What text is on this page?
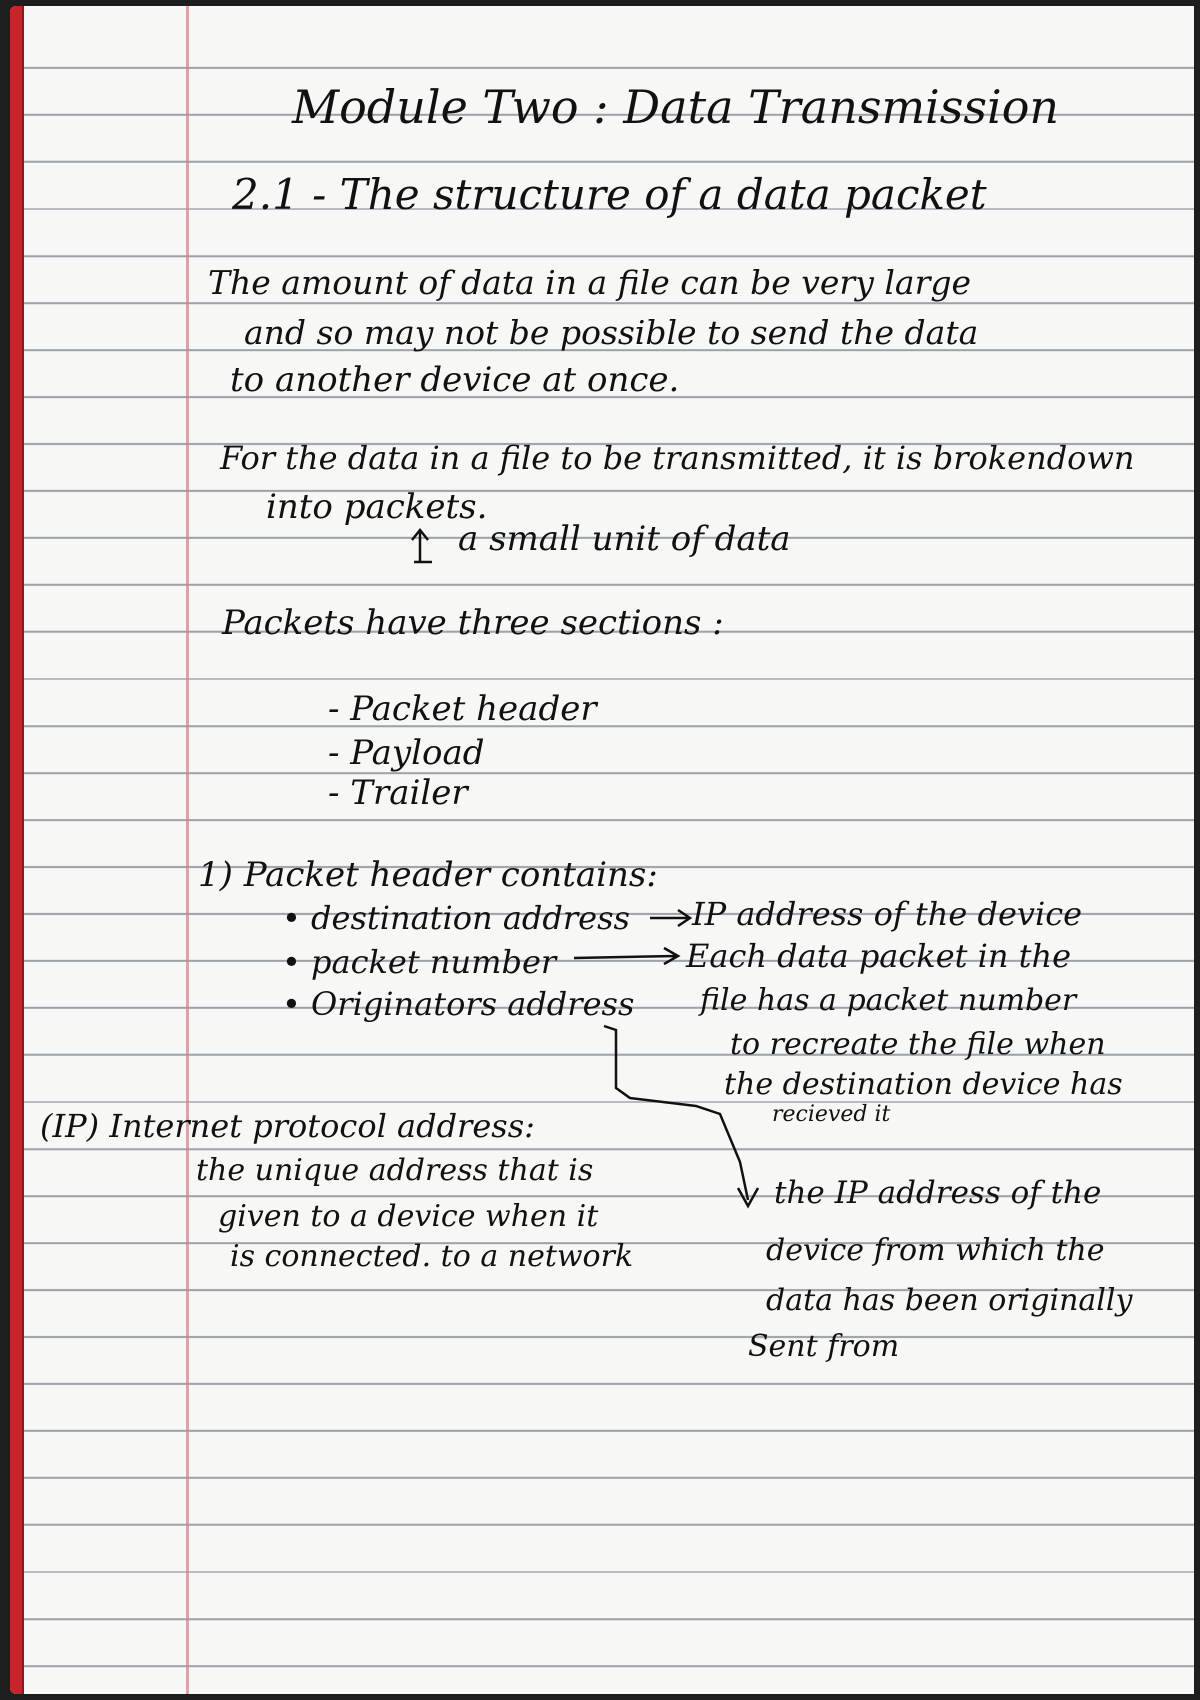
Module Two : Data Transmission
2.1 - The structure of a data packet
The amount of data in a file can be very large
and so may not be possible to send the data
to another device at once.
For the data in a file to be transmitted, it is brokendown
into packets.
a small unit of data
Packets have three sections :
- Packet header
- Payload
- Trailer
1) Packet header contains:
• destination address
• packet number
• Originators address
IP address of the device
Each data packet in the
file has a packet number
to recreate the file when
the destination device has
recieved it
the IP address of the
device from which the
data has been originally
Sent from
(IP) Internet protocol address:
the unique address that is
given to a device when it
is connected. to a network
